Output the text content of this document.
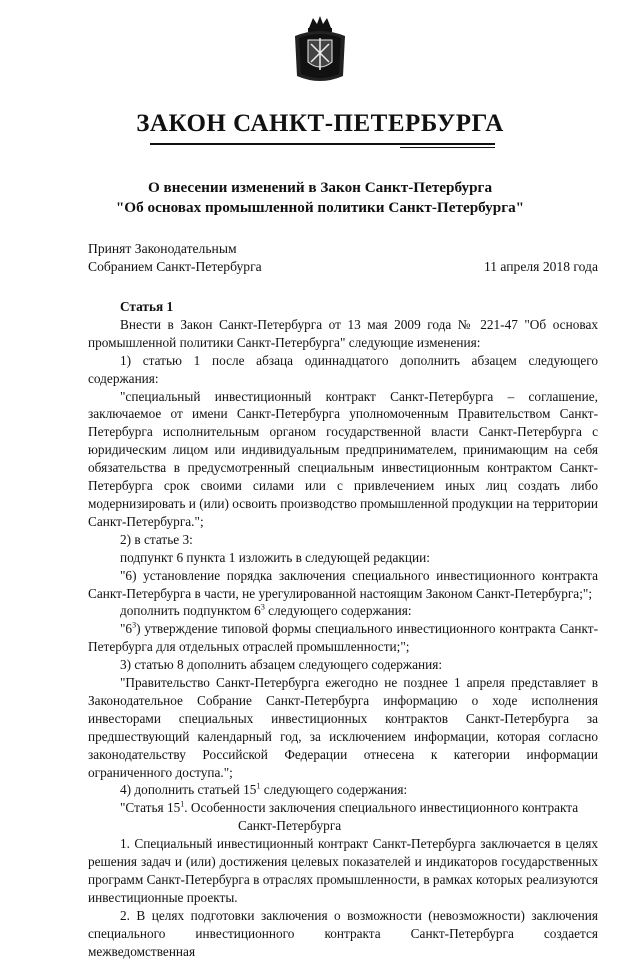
ЗАКОН САНКТ-ПЕТЕРБУРГА
О внесении изменений в Закон Санкт-Петербурга
"Об основах промышленной политики Санкт-Петербурга"
Принят Законодательным
Собранием Санкт-Петербурга	11 апреля 2018 года

Статья 1

Внести в Закон Санкт-Петербурга от 13 мая 2009 года № 221-47 "Об основах промышленной политики Санкт-Петербурга" следующие изменения:

1) статью 1 после абзаца одиннадцатого дополнить абзацем следующего содержания:

"специальный инвестиционный контракт Санкт-Петербурга – соглашение, заключаемое от имени Санкт-Петербурга уполномоченным Правительством Санкт-Петербурга исполнительным органом государственной власти Санкт-Петербурга с юридическим лицом или индивидуальным предпринимателем, принимающим на себя обязательства в предусмотренный специальным инвестиционным контрактом Санкт-Петербурга срок своими силами или с привлечением иных лиц создать либо модернизировать и (или) освоить производство промышленной продукции на территории Санкт-Петербурга.";

2) в статье 3:

подпункт 6 пункта 1 изложить в следующей редакции:

"6) установление порядка заключения специального инвестиционного контракта Санкт-Петербурга в части, не урегулированной настоящим Законом Санкт-Петербурга;";

дополнить подпунктом $6^3$ следующего содержания:

"$6^3$) утверждение типовой формы специального инвестиционного контракта Санкт-Петербурга для отдельных отраслей промышленности;";

3) статью 8 дополнить абзацем следующего содержания:

"Правительство Санкт-Петербурга ежегодно не позднее 1 апреля представляет в Законодательное Собрание Санкт-Петербурга информацию о ходе исполнения инвесторами специальных инвестиционных контрактов Санкт-Петербурга за предшествующий календарный год, за исключением информации, которая согласно законодательству Российской Федерации отнесена к категории информации ограниченного доступа.";

4) дополнить статьей $15^1$ следующего содержания:

"Статья $15^1$. Особенности заключения специального инвестиционного контракта

Санкт-Петербурга

1. Специальный инвестиционный контракт Санкт-Петербурга заключается в целях решения задач и (или) достижения целевых показателей и индикаторов государственных программ Санкт-Петербурга в отраслях промышленности, в рамках которых реализуются инвестиционные проекты.

2. В целях подготовки заключения о возможности (невозможности) заключения специального инвестиционного контракта Санкт-Петербурга создается межведомственная
